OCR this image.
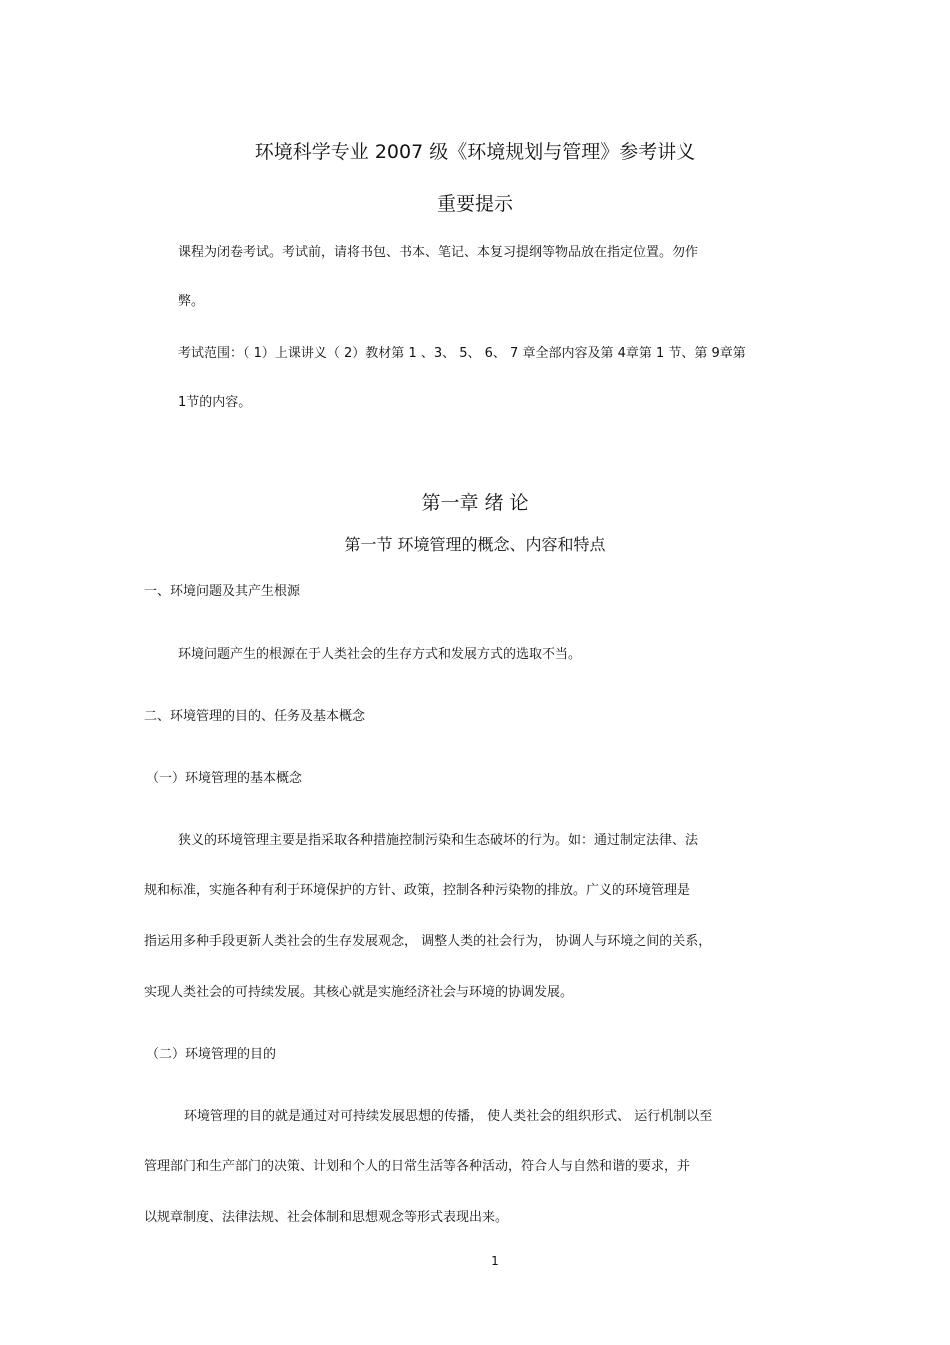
环境科学专业 2007 级《环境规划与管理》参考讲义
重要提示
课程为闭卷考试。考试前，请将书包、书本、笔记、本复习提纲等物品放在指定位置。勿作
弊。
考试范围：（ 1）上课讲义（ 2）教材第 1 、3、 5、 6、 7 章全部内容及第 4章第 1 节、第 9章第
1节的内容。
第一章 绪 论
第一节 环境管理的概念、内容和特点
一、环境问题及其产生根源
环境问题产生的根源在于人类社会的生存方式和发展方式的选取不当。
二、环境管理的目的、任务及基本概念
（一）环境管理的基本概念
狭义的环境管理主要是指采取各种措施控制污染和生态破坏的行为。如：通过制定法律、法
规和标准，实施各种有利于环境保护的方针、政策，控制各种污染物的排放。广义的环境管理是
指运用多种手段更新人类社会的生存发展观念， 调整人类的社会行为， 协调人与环境之间的关系，
实现人类社会的可持续发展。其核心就是实施经济社会与环境的协调发展。
（二）环境管理的目的
环境管理的目的就是通过对可持续发展思想的传播， 使人类社会的组织形式、 运行机制以至
管理部门和生产部门的决策、计划和个人的日常生活等各种活动，符合人与自然和谐的要求，并
以规章制度、法律法规、社会体制和思想观念等形式表现出来。
1
